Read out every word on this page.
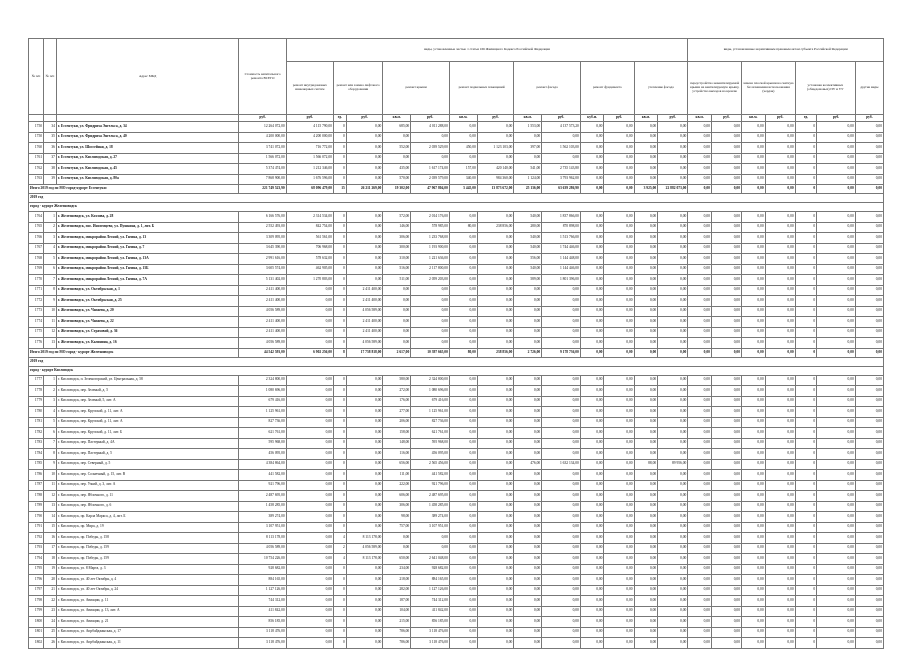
№ п/п	№ п/п	Адрес МКД	Стоимость капитального ремонта ВСЕГО	виды, установленные частью 1 статьи 166 Жилищного Кодекса Российской Федерации													виды, установленные нормативным правовым актом субъекта Российской Федерации						
				ремонт внутридомовых инженерных систем	ремонт или замена лифтового оборудования		ремонт крыши		ремонт подвальных помещений		ремонт фасада		ремонт фундамента		утепление фасада		переустройство невентилируемой крыши на вентилируемую крышу, устройство выходов на кровлю		замена плоской крыши на скатную без изменения использования (чердак)		установка коллективных (общедомовых) ПУ и УУ		другие виды
			руб.	руб.	ед.	руб.	кв.м.	руб.	кв.м.	руб.	кв.м.	руб.	куб.м.	руб.	кв.м.	руб.	кв.м.	руб.	кв.м.	руб.	ед.	руб.	руб.
1750	34	г. Ессентуки, ул. Фридриха Энгельса, д. 34	12 264 072,00	4 115 790,00	0	0,00	685,00	4 011 288,00	0,00	0,00	1 553,00	4 137 573,20	0,00	0,00	0,00	0,00	0,00	0,00	0,00	0,00	0	0,00	0,00
1750	35	г. Ессентуки, ул. Фридриха Энгельса, д. 40	4 200 000,00	4 200 000,00	0	0,00	0,00	0,00	0,00	0,00	0,00	0,00	0,00	0,00	0,00	0,00	0,00	0,00	0,00	0,00	0	0,00	0,00
1760	36	г. Ессентуки, ул. Шоссейная, д. 18	3 741 072,00	716 772,00	0	0,00	552,00	2 039 529,00	450,00	1 123 103,00	397,00	1 562 103,00	0,00	0,00	0,00	0,00	0,00	0,00	0,00	0,00	0	0,00	0,00
1761	37	г. Ессентуки, ул. Кисловодская, д. 27	1 566 072,00	1 566 072,00	0	0,00	0,00	0,00	0,00	0,00	0,00	0,00	0,00	0,00	0,00	0,00	0,00	0,00	0,00	0,00	0	0,00	0,00
1762	38	г. Ессентуки, ул. Кисловодская, д. 45	5 374 474,00	1 212 346,00	0	0,00	435,00	1 617 174,00	157,00	420 140,00	541,00	2 735 143,80	0,00	0,00	0,00	0,00	0,00	0,00	0,00	0,00	0	0,00	0,00
1763	39	г. Ессентуки, ул. Кисловодская, д. 80а	7 868 900,00	1 676 596,00	0	0,00	570,00	2 039 579,00	340,00	984 360,00	1 124,00	3 793 962,00	0,00	0,00	0,00	0,00	0,00	0,00	0,00	0,00	0	0,00	0,00
Итого 2019 год по МО город-курорт Ессентуки:			221 749 523,90	68 096 479,00	15	26 211 269,00	19 302,00	47 967 804,00	5 445,00	13 873 672,00	25 136,00	63 639 286,90	0,00	0,00	3 925,00	22 882 073,00	0,00	0,00	0,00	0,00	0	0,00	0,00
2019 год																							
город - курорт Железноводск																							
1764	1	г. Железноводск, ул. Козлова, д. 28	6 166 576,00	2 314 534,00	0	0,00	572,00	2 014 176,00	0,00	0,00	540,00	1 837 866,00	0,00	0,00	0,00	0,00	0,00	0,00	0,00	0,00	0	0,00	0,00
1765	2	г. Железноводск, пос. Иноземцево, ул. Пушкина, д. 1, лит. Б	2 552 493,00	842 754,00	0	0,00	146,00	578 985,00	80,00	238 856,00	280,00	870 898,00	0,00	0,00	0,00	0,00	0,00	0,00	0,00	0,00	0	0,00	0,00
1766	3	г. Железноводск, микрорайон Лесной, ул. Гагина, д. 13	3 309 095,00	561 561,00	0	0,00	306,00	1 233 768,00	0,00	0,00	540,00	1 513 766,00	0,00	0,00	0,00	0,00	0,00	0,00	0,00	0,00	0	0,00	0,00
1767	4	г. Железноводск, микрорайон Лесной, ул. Гагина, д. 7	3 645 390,00	706 968,00	0	0,00	300,00	1 193 900,00	0,00	0,00	540,00	1 744 446,00	0,00	0,00	0,00	0,00	0,00	0,00	0,00	0,00	0	0,00	0,00
1768	5	г. Железноводск, микрорайон Лесной, ул. Гагина, д. 13А	2 991 616,00	578 632,00	0	0,00	310,00	1 221 636,00	0,00	0,00	556,00	1 144 448,00	0,00	0,00	0,00	0,00	0,00	0,00	0,00	0,00	0	0,00	0,00
1769	6	г. Железноводск, микрорайон Лесной, ул. Гагина, д. 15Б	3 605 574,00	462 905,00	0	0,00	516,00	2 117 800,00	0,00	0,00	540,00	1 144 446,00	0,00	0,00	0,00	0,00	0,00	0,00	0,00	0,00	0	0,00	0,00
1770	7	г. Железноводск, микрорайон Лесной, ул. Гагина, д. 7А	5 131 402,00	1 270 803,00	0	0,00	511,00	2 059 203,00	0,00	0,00	589,00	1 801 396,00	0,00	0,00	0,00	0,00	0,00	0,00	0,00	0,00	0	0,00	0,00
1771	8	г. Железноводск, ул. Октябрьская, д. 1	2 411 400,00	0,00	0	2 411 400,00	0,00	0,00	0,00	0,00	0,00	0,00	0,00	0,00	0,00	0,00	0,00	0,00	0,00	0,00	0	0,00	0,00
1772	9	г. Железноводск, ул. Октябрьская, д. 25	2 411 400,00	0,00	0	2 411 400,00	0,00	0,00	0,00	0,00	0,00	0,00	0,00	0,00	0,00	0,00	0,00	0,00	0,00	0,00	0	0,00	0,00
1773	10	г. Железноводск, ул. Чапаева, д. 20	4 056 589,00	0,00	0	4 056 589,00	0,00	0,00	0,00	0,00	0,00	0,00	0,00	0,00	0,00	0,00	0,00	0,00	0,00	0,00	0	0,00	0,00
1774	11	г. Железноводск, ул. Чапаева, д. 22	2 411 400,00	0,00	0	2 411 400,00	0,00	0,00	0,00	0,00	0,00	0,00	0,00	0,00	0,00	0,00	0,00	0,00	0,00	0,00	0	0,00	0,00
1775	12	г. Железноводск, ул. Страховой, д. 36	2 411 400,00	0,00	0	2 411 400,00	0,00	0,00	0,00	0,00	0,00	0,00	0,00	0,00	0,00	0,00	0,00	0,00	0,00	0,00	0	0,00	0,00
1776	13	г. Железноводск, ул. Калинина, д. 16	4 056 589,00	0,00	0	4 056 589,00	0,00	0,00	0,00	0,00	0,00	0,00	0,00	0,00	0,00	0,00	0,00	0,00	0,00	0,00	0	0,00	0,00
Итого 2019 год по МО город - курорт Железноводск			44 542 593,00	6 902 256,00	8	17 758 818,00	2 617,00	10 397 665,00	80,00	238 856,00	2 726,00	9 178 736,00	0,00	0,00	0,00	0,00	0,00	0,00	0,00	0,00	0	0,00	0,00
2019 год																							
город - курорт Кисловодск																							
1777	1	г. Кисловодск, п. Зеленогорский, ул. Центральная, д. 58	2 324 800,00	0,00	0	0,00	580,00	2 324 800,00	0,00	0,00	0,00	0,00	0,00	0,00	0,00	0,00	0,00	0,00	0,00	0,00	0	0,00	0,00
1778	2	г. Кисловодск, пер. Зеленый, д. 5	1 080 696,00	0,00	0	0,00	272,00	1 080 696,00	0,00	0,00	0,00	0,00	0,00	0,00	0,00	0,00	0,00	0,00	0,00	0,00	0	0,00	0,00
1779	3	г. Кисловодск, пер. Зеленый, 5, лит. А	679 416,00	0,00	0	0,00	176,00	679 416,00	0,00	0,00	0,00	0,00	0,00	0,00	0,00	0,00	0,00	0,00	0,00	0,00	0	0,00	0,00
1780	4	г. Кисловодск, пер. Крупской, д. 11, лит. А	1 125 961,00	0,00	0	0,00	277,00	1 125 961,00	0,00	0,00	0,00	0,00	0,00	0,00	0,00	0,00	0,00	0,00	0,00	0,00	0	0,00	0,00
1781	5	г. Кисловодск, пер. Крупской, д. 11, лит. А	827 736,00	0,00	0	0,00	206,00	827 736,00	0,00	0,00	0,00	0,00	0,00	0,00	0,00	0,00	0,00	0,00	0,00	0,00	0	0,00	0,00
1782	6	г. Кисловодск, пер. Крупской, д. 11, лит. Б	621 761,00	0,00	0	0,00	158,00	621 761,00	0,00	0,00	0,00	0,00	0,00	0,00	0,00	0,00	0,00	0,00	0,00	0,00	0	0,00	0,00
1783	7	г. Кисловодск, пер. Пастерный, д. 4А	595 968,00	0,00	0	0,00	148,00	595 968,00	0,00	0,00	0,00	0,00	0,00	0,00	0,00	0,00	0,00	0,00	0,00	0,00	0	0,00	0,00
1784	8	г. Кисловодск, пер. Пастерный, д. 5	456 095,00	0,00	0	0,00	116,00	456 095,00	0,00	0,00	0,00	0,00	0,00	0,00	0,00	0,00	0,00	0,00	0,00	0,00	0	0,00	0,00
1785	9	г. Кисловодск, пер. Северный, д. 5	4 384 864,00	0,00	0	0,00	656,00	2 565 456,00	0,00	0,00	476,00	1 632 134,00	0,00	0,00	88,00	89 956,00	0,00	0,00	0,00	0,00	0	0,00	0,00
1786	10	г. Кисловодск, пер. Солнечный, д. 15, лит. В	441 582,00	0,00	0	0,00	111,00	441 582,00	0,00	0,00	0,00	0,00	0,00	0,00	0,00	0,00	0,00	0,00	0,00	0,00	0	0,00	0,00
1787	11	г. Кисловодск, пер. Узкий, д. 3, лит. А	921 796,00	0,00	0	0,00	222,00	921 796,00	0,00	0,00	0,00	0,00	0,00	0,00	0,00	0,00	0,00	0,00	0,00	0,00	0	0,00	0,00
1788	12	г. Кисловодск, пер. Яблочного, д. 11	2 487 695,00	0,00	0	0,00	606,00	2 487 695,00	0,00	0,00	0,00	0,00	0,00	0,00	0,00	0,00	0,00	0,00	0,00	0,00	0	0,00	0,00
1789	13	г. Кисловодск, пер. Яблочного, д. 6	1 458 285,00	0,00	0	0,00	306,00	1 458 285,00	0,00	0,00	0,00	0,00	0,00	0,00	0,00	0,00	0,00	0,00	0,00	0,00	0	0,00	0,00
1790	14	г. Кисловодск, пр. Карла Маркса, д. 4, лит. Б	389 274,00	0,00	0	0,00	98,00	389 274,00	0,00	0,00	0,00	0,00	0,00	0,00	0,00	0,00	0,00	0,00	0,00	0,00	0	0,00	0,00
1791	15	г. Кисловодск, пр. Мира, д. 19	3 107 951,00	0,00	0	0,00	757,00	3 107 951,00	0,00	0,00	0,00	0,00	0,00	0,00	0,00	0,00	0,00	0,00	0,00	0,00	0	0,00	0,00
1792	16	г. Кисловодск, пр. Победы, д. 158	8 113 178,00	0,00	4	8 113 178,00	0,00	0,00	0,00	0,00	0,00	0,00	0,00	0,00	0,00	0,00	0,00	0,00	0,00	0,00	0	0,00	0,00
1793	17	г. Кисловодск, пр. Победы, д. 159	4 056 589,00	0,00	2	4 056 589,00	0,00	0,00	0,00	0,00	0,00	0,00	0,00	0,00	0,00	0,00	0,00	0,00	0,00	0,00	0	0,00	0,00
1794	18	г. Кисловодск, пр. Победы, д. 159	10 754 226,00	0,00	4	8 113 178,00	650,00	2 641 048,00	0,00	0,00	0,00	0,00	0,00	0,00	0,00	0,00	0,00	0,00	0,00	0,00	0	0,00	0,00
1795	19	г. Кисловодск, ул. 8 Марта, д. 3	928 682,00	0,00	0	0,00	234,00	928 682,00	0,00	0,00	0,00	0,00	0,00	0,00	0,00	0,00	0,00	0,00	0,00	0,00	0	0,00	0,00
1796	20	г. Кисловодск, ул. 40 лет Октября, д. 4	884 165,00	0,00	0	0,00	218,00	884 165,00	0,00	0,00	0,00	0,00	0,00	0,00	0,00	0,00	0,00	0,00	0,00	0,00	0	0,00	0,00
1797	21	г. Кисловодск, ул. 40 лет Октября, д. 24	1 127 126,00	0,00	0	0,00	282,00	1 127 126,00	0,00	0,00	0,00	0,00	0,00	0,00	0,00	0,00	0,00	0,00	0,00	0,00	0	0,00	0,00
1798	22	г. Кисловодск, ул. Авиации, д. 11	744 312,00	0,00	0	0,00	187,00	744 312,00	0,00	0,00	0,00	0,00	0,00	0,00	0,00	0,00	0,00	0,00	0,00	0,00	0	0,00	0,00
1799	23	г. Кисловодск, ул. Авиации, д. 13, лит. А	411 842,00	0,00	0	0,00	104,00	411 842,00	0,00	0,00	0,00	0,00	0,00	0,00	0,00	0,00	0,00	0,00	0,00	0,00	0	0,00	0,00
1800	24	г. Кисловодск, ул. Авиации, д. 21	856 185,00	0,00	0	0,00	215,00	856 185,00	0,00	0,00	0,00	0,00	0,00	0,00	0,00	0,00	0,00	0,00	0,00	0,00	0	0,00	0,00
1801	25	г. Кисловодск, ул. Апрбайджанская, д. 17	3 118 476,00	0,00	0	0,00	786,00	3 118 476,00	0,00	0,00	0,00	0,00	0,00	0,00	0,00	0,00	0,00	0,00	0,00	0,00	0	0,00	0,00
1802	26	г. Кисловодск, ул. Апрбайджанская, д. 11	3 118 476,00	0,00	0	0,00	786,00	3 118 476,00	0,00	0,00	0,00	0,00	0,00	0,00	0,00	0,00	0,00	0,00	0,00	0,00	0	0,00	0,00
